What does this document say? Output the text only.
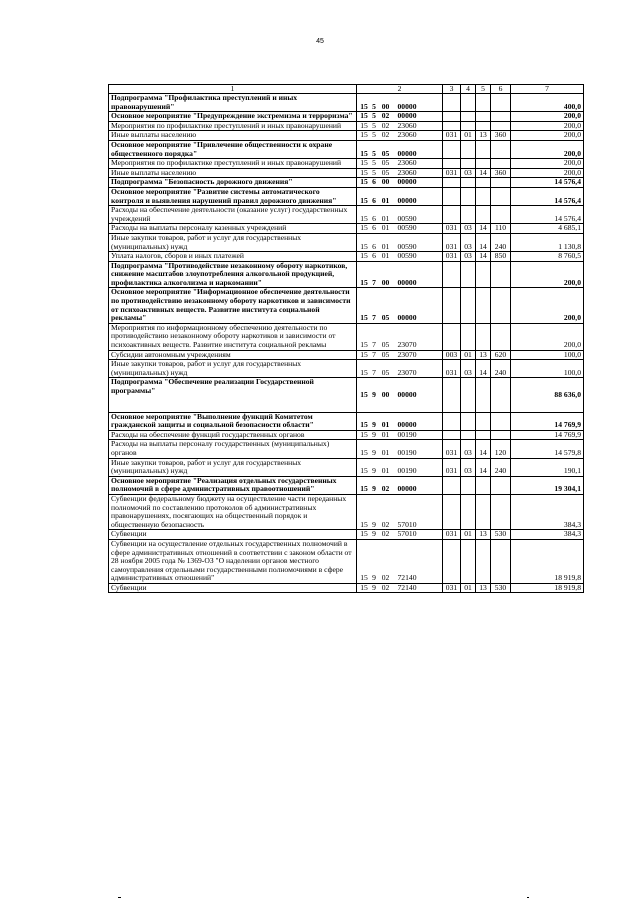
45
1	2	3	4	5	6	7
Подпрограмма "Профилактика преступлений и иных правонарушений"	15 5 00 00000					400,0
Основное мероприятие "Предупреждение экстремизма и терроризма"	15 5 02 00000					200,0
Мероприятия по профилактике преступлений и иных правонарушений	15 5 02 23060					200,0
Иные выплаты населению	15 5 02 23060	031	01	13	360	200,0
Основное мероприятие "Привлечение общественности к охране общественного порядка"	15 5 05 00000					200,0
Мероприятия по профилактике преступлений и иных правонарушений	15 5 05 23060					200,0
Иные выплаты населению	15 5 05 23060	031	03	14	360	200,0
Подпрограмма "Безопасность дорожного движения"	15 6 00 00000					14 576,4
Основное мероприятие "Развитие системы автоматического контроля и выявления нарушений правил дорожного движения"	15 6 01 00000					14 576,4
Расходы на обеспечение деятельности (оказание услуг) государственных учреждений	15 6 01 00590					14 576,4
Расходы на выплаты персоналу казенных учреждений	15 6 01 00590	031	03	14	110	4 685,1
Иные закупки товаров, работ и услуг для государственных (муниципальных) нужд	15 6 01 00590	031	03	14	240	1 130,8
Уплата налогов, сборов и иных платежей	15 6 01 00590	031	03	14	850	8 760,5
Подпрограмма "Противодействие незаконному обороту наркотиков, снижение масштабов злоупотребления алкогольной продукцией, профилактика алкоголизма и наркомании"	15 7 00 00000					200,0
Основное мероприятие "Информационное обеспечение деятельности по противодействию незаконному обороту наркотиков и зависимости от психоактивных веществ. Развитие института социальной рекламы"	15 7 05 00000					200,0
Мероприятия по информационному обеспечению деятельности по противодействию незаконному обороту наркотиков и зависимости от психоактивных веществ. Развитие института социальной рекламы	15 7 05 23070					200,0
Субсидии автономным учреждениям	15 7 05 23070	003	01	13	620	100,0
Иные закупки товаров, работ и услуг для государственных (муниципальных) нужд	15 7 05 23070	031	03	14	240	100,0
Подпрограмма "Обеспечение реализации Государственной программы"	15 9 00 00000					88 636,0
Основное мероприятие "Выполнение функций Комитетом гражданской защиты и социальной безопасности области"	15 9 01 00000					14 769,9
Расходы на обеспечение функций государственных органов	15 9 01 00190					14 769,9
Расходы на выплаты персоналу государственных (муниципальных) органов	15 9 01 00190	031	03	14	120	14 579,8
Иные закупки товаров, работ и услуг для государственных (муниципальных) нужд	15 9 01 00190	031	03	14	240	190,1
Основное мероприятие "Реализация отдельных государственных полномочий в сфере административных правоотношений"	15 9 02 00000					19 304,1
Субвенции федеральному бюджету на осуществление части переданных полномочий по составлению протоколов об административных правонарушениях, посягающих на общественный порядок и общественную безопасность	15 9 02 57010					384,3
Субвенции	15 9 02 57010	031	01	13	530	384,3
Субвенции на осуществление отдельных государственных полномочий в сфере административных отношений в соответствии с законом области от 28 ноября 2005 года № 1369-ОЗ "О наделении органов местного самоуправления отдельными государственными полномочиями в сфере административных отношений"	15 9 02 72140					18 919,8
Субвенции	15 9 02 72140	031	01	13	530	18 919,8
